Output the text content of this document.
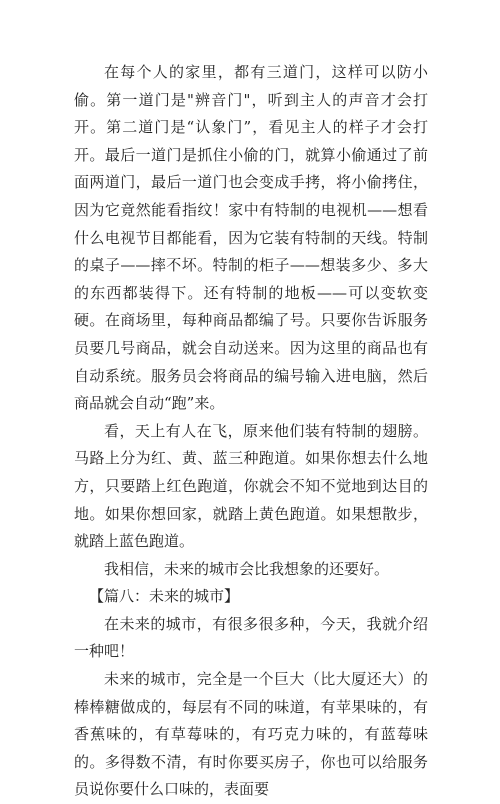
在每个人的家里，都有三道门，这样可以防小偷。第一道门是"辨音门"，听到主人的声音才会打开。第二道门是“认象门”，看见主人的样子才会打开。最后一道门是抓住小偷的门，就算小偷通过了前面两道门，最后一道门也会变成手拷，将小偷拷住，因为它竟然能看指纹！家中有特制的电视机——想看什么电视节目都能看，因为它装有特制的天线。特制的桌子——摔不坏。特制的柜子——想装多少、多大的东西都装得下。还有特制的地板——可以变软变硬。在商场里，每种商品都编了号。只要你告诉服务员要几号商品，就会自动送来。因为这里的商品也有自动系统。服务员会将商品的编号输入进电脑，然后商品就会自动“跑”来。

看，天上有人在飞，原来他们装有特制的翅膀。马路上分为红、黄、蓝三种跑道。如果你想去什么地方，只要踏上红色跑道，你就会不知不觉地到达目的地。如果你想回家，就踏上黄色跑道。如果想散步，就踏上蓝色跑道。

我相信，未来的城市会比我想象的还要好。

【篇八：未来的城市】

在未来的城市，有很多很多种，今天，我就介绍一种吧！

未来的城市，完全是一个巨大（比大厦还大）的棒棒糖做成的，每层有不同的味道，有苹果味的，有香蕉味的，有草莓味的，有巧克力味的，有蓝莓味的。多得数不清，有时你要买房子，你也可以给服务员说你要什么口味的，表面要
